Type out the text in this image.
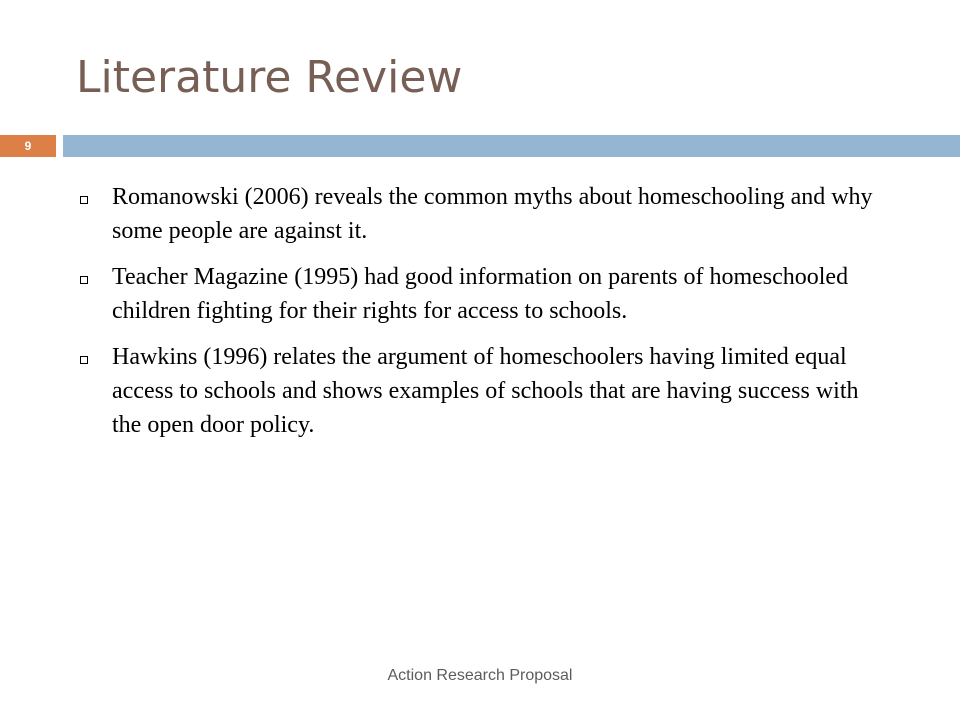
Literature Review
9
Romanowski (2006) reveals the common myths about homeschooling and why some people are against it.
Teacher Magazine (1995) had good information on parents of homeschooled children fighting for their rights for access to schools.
Hawkins (1996) relates the argument of homeschoolers having limited equal access to schools and shows examples of schools that are having success with the open door policy.
Action Research Proposal
